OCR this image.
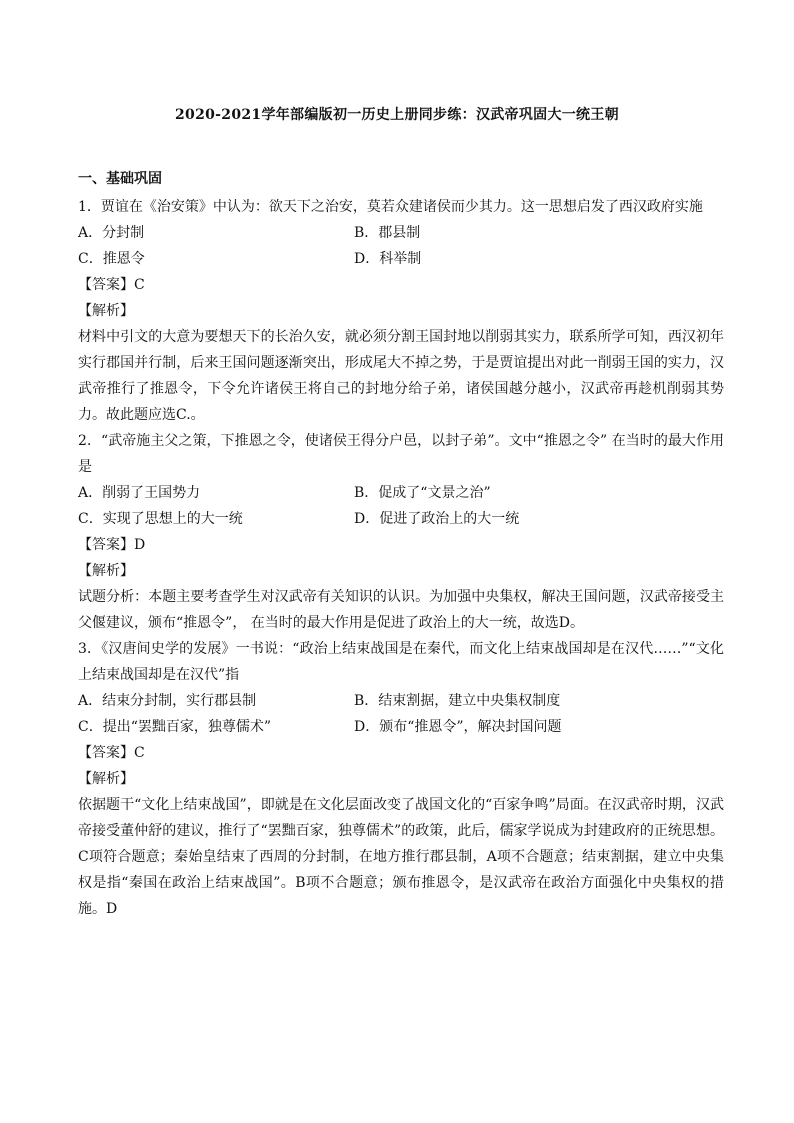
2020-2021学年部编版初一历史上册同步练：汉武帝巩固大一统王朝
一、基础巩固
1．贾谊在《治安策》中认为：欲天下之治安，莫若众建诸侯而少其力。这一思想启发了西汉政府实施
A．分封制	B．郡县制
C．推恩令	D．科举制
【答案】C
【解析】
材料中引文的大意为要想天下的长治久安，就必须分割王国封地以削弱其实力，联系所学可知，西汉初年实行郡国并行制，后来王国问题逐渐突出，形成尾大不掉之势，于是贾谊提出对此一削弱王国的实力，汉武帝推行了推恩令，下令允许诸侯王将自己的封地分给子弟，诸侯国越分越小，汉武帝再趁机削弱其势力。故此题应选C.。
2．“武帝施主父之策，下推恩之令，使诸侯王得分户邑，以封子弟”。文中“推恩之令” 在当时的最大作用是
A．削弱了王国势力	B．促成了“文景之治”
C．实现了思想上的大一统	D．促进了政治上的大一统
【答案】D
【解析】
试题分析：本题主要考查学生对汉武帝有关知识的认识。为加强中央集权，解决王国问题，汉武帝接受主父偃建议，颁布“推恩令”， 在当时的最大作用是促进了政治上的大一统，故选D。
3．《汉唐间史学的发展》一书说：“政治上结束战国是在秦代，而文化上结束战国却是在汉代……”“文化上结束战国却是在汉代”指
A．结束分封制，实行郡县制	B．结束割据，建立中央集权制度
C．提出“罢黜百家，独尊儒术”	D．颁布“推恩令”，解决封国问题
【答案】C
【解析】
依据题干“文化上结束战国”，即就是在文化层面改变了战国文化的“百家争鸣”局面。在汉武帝时期，汉武帝接受董仲舒的建议，推行了“罢黜百家，独尊儒术”的政策，此后，儒家学说成为封建政府的正统思想。C项符合题意；秦始皇结束了西周的分封制，在地方推行郡县制，A项不合题意；结束割据，建立中央集权是指“秦国在政治上结束战国”。B项不合题意；颁布推恩令，是汉武帝在政治方面强化中央集权的措施。D
